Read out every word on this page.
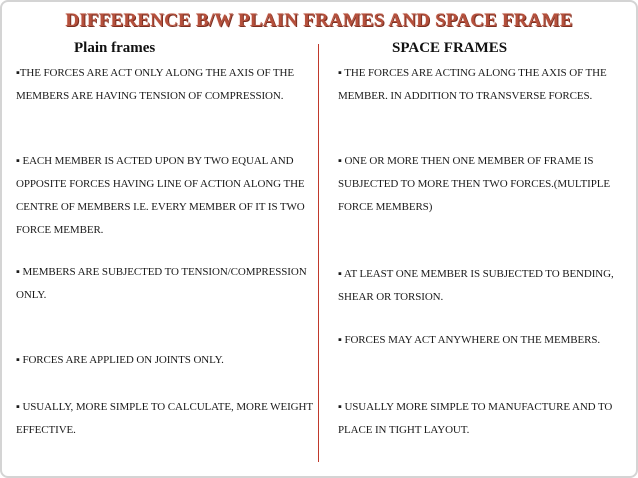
DIFFERENCE B/W PLAIN FRAMES AND SPACE FRAME
Plain frames	SPACE FRAMES
▪THE FORCES ARE ACT ONLY ALONG THE AXIS OF THE MEMBERS ARE HAVING TENSION OF COMPRESSION.
▪ EACH MEMBER IS ACTED UPON BY TWO EQUAL AND OPPOSITE FORCES HAVING LINE OF ACTION ALONG THE CENTRE OF MEMBERS I.E. EVERY MEMBER OF IT IS TWO FORCE MEMBER.
▪ MEMBERS ARE SUBJECTED TO TENSION/COMPRESSION ONLY.
▪ FORCES ARE APPLIED ON JOINTS ONLY.
▪ USUALLY, MORE SIMPLE TO CALCULATE, MORE WEIGHT EFFECTIVE.
▪ THE FORCES ARE ACTING ALONG THE AXIS OF THE MEMBER. IN ADDITION TO TRANSVERSE FORCES.
▪ ONE OR MORE THEN ONE MEMBER OF FRAME IS SUBJECTED TO MORE THEN TWO FORCES.(MULTIPLE FORCE MEMBERS)
▪ AT LEAST ONE MEMBER IS SUBJECTED TO BENDING, SHEAR OR TORSION.
▪ FORCES MAY ACT ANYWHERE ON THE MEMBERS.
▪ USUALLY MORE SIMPLE TO MANUFACTURE AND TO PLACE IN TIGHT LAYOUT.
